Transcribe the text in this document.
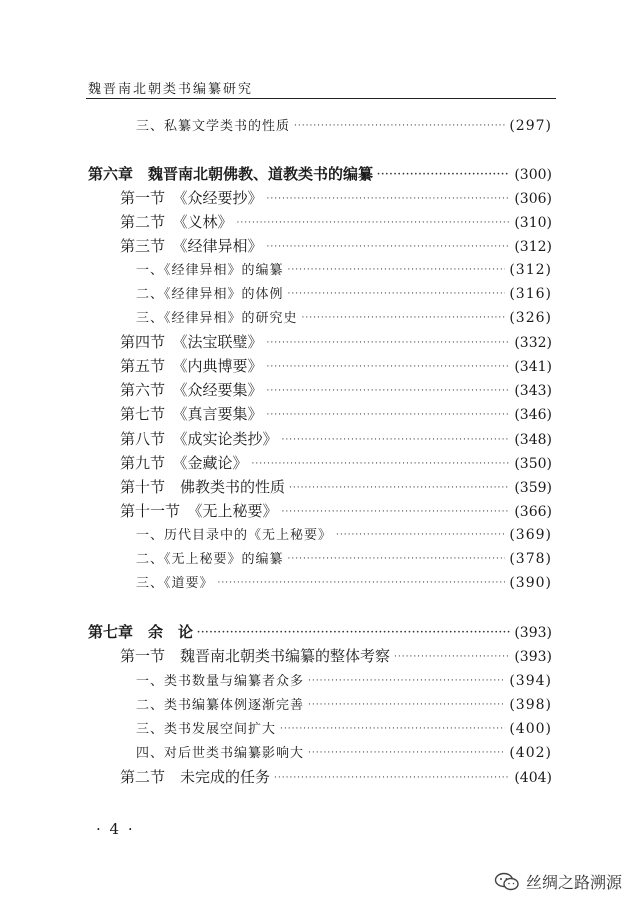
魏晋南北朝类书编纂研究
三、私纂文学类书的性质 ·····	(297)
第六章　魏晋南北朝佛教、道教类书的编纂 ·····	(300)
第一节　《众经要抄》 ·····	(306)
第二节　《义林》 ·····	(310)
第三节　《经律异相》 ·····	(312)
一、《经律异相》的编纂 ·····	(312)
二、《经律异相》的体例 ·····	(316)
三、《经律异相》的研究史 ·····	(326)
第四节　《法宝联璧》 ·····	(332)
第五节　《内典博要》 ·····	(341)
第六节　《众经要集》 ·····	(343)
第七节　《真言要集》 ·····	(346)
第八节　《成实论类抄》 ·····	(348)
第九节　《金藏论》 ·····	(350)
第十节　佛教类书的性质 ·····	(359)
第十一节　《无上秘要》 ·····	(366)
一、历代目录中的《无上秘要》 ·····	(369)
二、《无上秘要》的编纂 ·····	(378)
三、《道要》 ·····	(390)
第七章　余　论 ·····	(393)
第一节　魏晋南北朝类书编纂的整体考察 ·····	(393)
一、类书数量与编纂者众多 ·····	(394)
二、类书编纂体例逐渐完善 ·····	(398)
三、类书发展空间扩大 ·····	(400)
四、对后世类书编纂影响大 ·····	(402)
第二节　未完成的任务 ·····	(404)
· 4 ·
丝绸之路溯源
